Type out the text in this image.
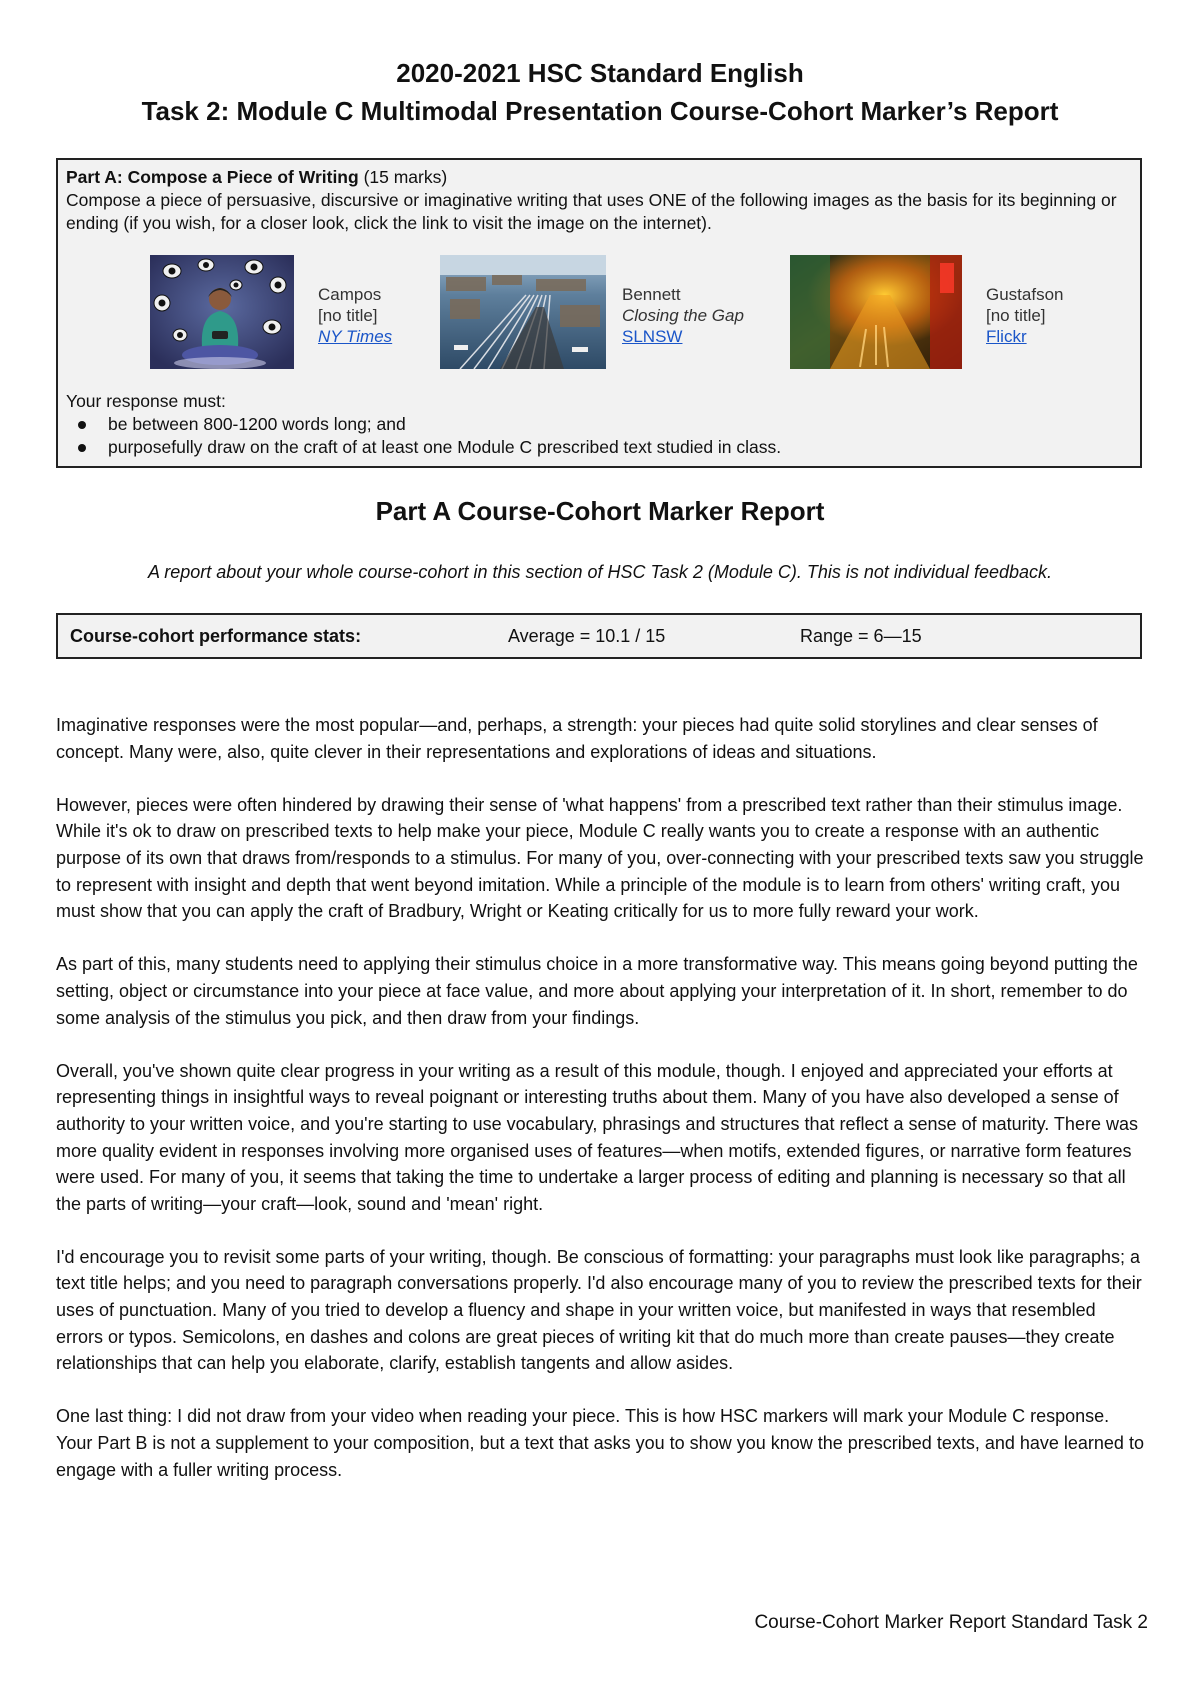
2020-2021 HSC Standard English
Task 2: Module C Multimodal Presentation Course-Cohort Marker’s Report

Part A: Compose a Piece of Writing (15 marks)

Compose a piece of persuasive, discursive or imaginative writing that uses ONE of the following images as the basis for its beginning or ending (if you wish, for a closer look, click the link to visit the image on the internet).

Campos
[no title]
NY Times
Bennett
Closing the Gap
SLNSW
Gustafson
[no title]
Flickr

Your response must:

be between 800-1200 words long; and
purposefully draw on the craft of at least one Module C prescribed text studied in class.
Part A Course-Cohort Marker Report
A report about your whole course-cohort in this section of HSC Task 2 (Module C). This is not individual feedback.
Course-cohort performance stats:	Average = 10.1 / 15	Range = 6—15

Imaginative responses were the most popular—and, perhaps, a strength: your pieces had quite solid storylines and clear senses of concept. Many were, also, quite clever in their representations and explorations of ideas and situations.

However, pieces were often hindered by drawing their sense of 'what happens' from a prescribed text rather than their stimulus image. While it's ok to draw on prescribed texts to help make your piece, Module C really wants you to create a response with an authentic purpose of its own that draws from/responds to a stimulus. For many of you, over-connecting with your prescribed texts saw you struggle to represent with insight and depth that went beyond imitation. While a principle of the module is to learn from others' writing craft, you must show that you can apply the craft of Bradbury, Wright or Keating critically for us to more fully reward your work.

As part of this, many students need to applying their stimulus choice in a more transformative way. This means going beyond putting the setting, object or circumstance into your piece at face value, and more about applying your interpretation of it. In short, remember to do some analysis of the stimulus you pick, and then draw from your findings.

Overall, you've shown quite clear progress in your writing as a result of this module, though. I enjoyed and appreciated your efforts at representing things in insightful ways to reveal poignant or interesting truths about them. Many of you have also developed a sense of authority to your written voice, and you're starting to use vocabulary, phrasings and structures that reflect a sense of maturity. There was more quality evident in responses involving more organised uses of features—when motifs, extended figures, or narrative form features were used. For many of you, it seems that taking the time to undertake a larger process of editing and planning is necessary so that all the parts of writing—your craft—look, sound and 'mean' right.

I'd encourage you to revisit some parts of your writing, though. Be conscious of formatting: your paragraphs must look like paragraphs; a text title helps; and you need to paragraph conversations properly. I'd also encourage many of you to review the prescribed texts for their uses of punctuation. Many of you tried to develop a fluency and shape in your written voice, but manifested in ways that resembled errors or typos. Semicolons, en dashes and colons are great pieces of writing kit that do much more than create pauses—they create relationships that can help you elaborate, clarify, establish tangents and allow asides.

One last thing: I did not draw from your video when reading your piece. This is how HSC markers will mark your Module C response. Your Part B is not a supplement to your composition, but a text that asks you to show you know the prescribed texts, and have learned to engage with a fuller writing process.

Course-Cohort Marker Report Standard Task 2
